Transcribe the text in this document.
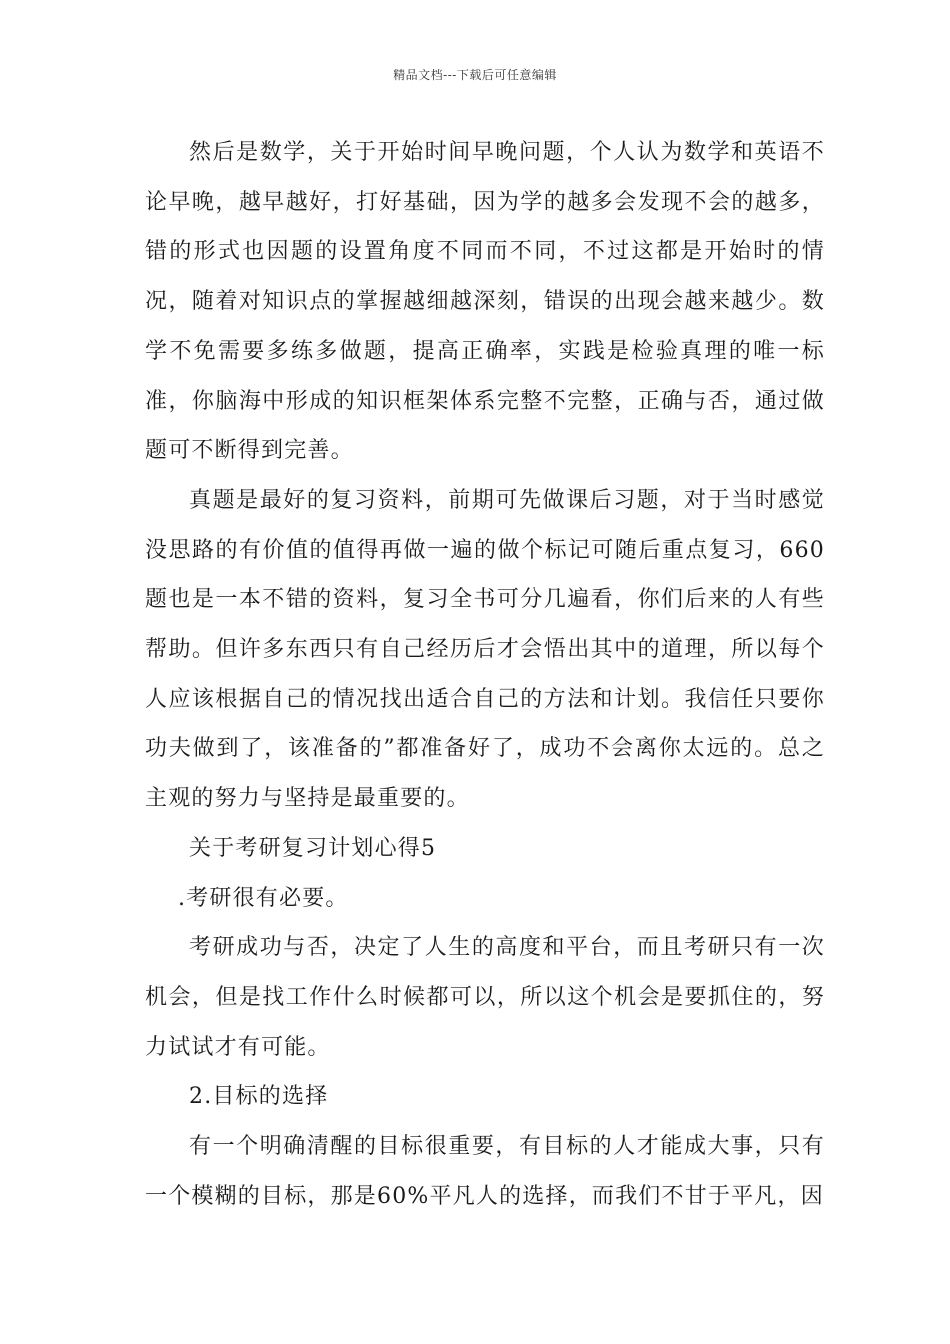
精品文档---下载后可任意编辑

然后是数学，关于开始时间早晚问题，个人认为数学和英语不论早晚，越早越好，打好基础，因为学的越多会发现不会的越多，错的形式也因题的设置角度不同而不同，不过这都是开始时的情况，随着对知识点的掌握越细越深刻，错误的出现会越来越少。数学不免需要多练多做题，提高正确率，实践是检验真理的唯一标准，你脑海中形成的知识框架体系完整不完整，正确与否，通过做题可不断得到完善。

真题是最好的复习资料，前期可先做课后习题，对于当时感觉没思路的有价值的值得再做一遍的做个标记可随后重点复习，660题也是一本不错的资料，复习全书可分几遍看，你们后来的人有些帮助。但许多东西只有自己经历后才会悟出其中的道理，所以每个人应该根据自己的情况找出适合自己的方法和计划。我信任只要你功夫做到了，该准备的”都准备好了，成功不会离你太远的。总之主观的努力与坚持是最重要的。

关于考研复习计划心得5

.考研很有必要。

考研成功与否，决定了人生的高度和平台，而且考研只有一次机会，但是找工作什么时候都可以，所以这个机会是要抓住的，努力试试才有可能。

2.目标的选择

有一个明确清醒的目标很重要，有目标的人才能成大事，只有一个模糊的目标，那是60%平凡人的选择，而我们不甘于平凡，因
